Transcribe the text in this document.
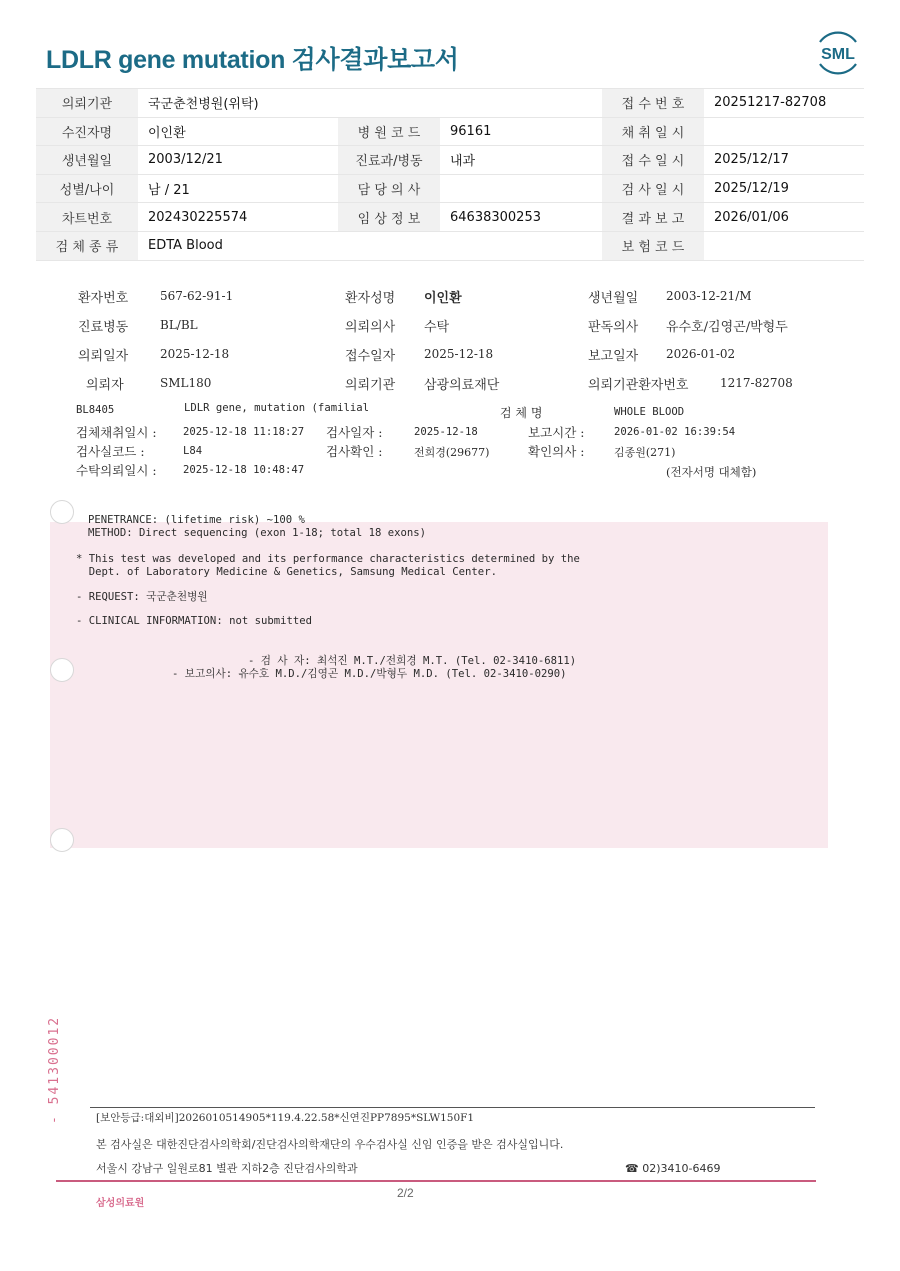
LDLR gene mutation 검사결과보고서	SML
의뢰기관	국군춘천병원(위탁)			접 수 번 호	20251217-82708
수진자명	이인환	병 원 코 드	96161	채 취 일 시	
생년월일	2003/12/21	진료과/병동	내과	접 수 일 시	2025/12/17
성별/나이	남 / 21	담 당 의 사		검 사 일 시	2025/12/19
차트번호	202430225574	임 상 정 보	64638300253	결 과 보 고	2026/01/06
검 체 종 류	EDTA Blood			보 험 코 드	
환자번호	567-62-91-1	환자성명 이인환	생년월일 2003-12-21/M
진료병동	BL/BL	의뢰의사 수탁	판독의사 유수호/김영곤/박형두
의뢰일자	2025-12-18	접수일자 2025-12-18	보고일자 2026-01-02
의뢰자	SML180	의뢰기관 삼광의료재단	의뢰기관환자번호	1217-82708
BL8405	LDLR gene, mutation (familial	검 체 명	WHOLE BLOOD
검체채취일시 : 2025-12-18 11:18:27 검사일자 :	2025-12-18	보고시간 :	2026-01-02 16:39:54
검사실코드 :	L84	검사확인 :	전희경(29677)	확인의사 :	김종원(271)
수탁의뢰일시 : 2025-12-18 10:48:47	(전자서명 대체함)
PENETRANCE: (lifetime risk) ~100 %
METHOD: Direct sequencing (exon 1-18; total 18 exons)
* This test was developed and its performance characteristics determined by the
Dept. of Laboratory Medicine & Genetics, Samsung Medical Center.
- REQUEST: 국군춘천병원
- CLINICAL INFORMATION: not submitted
- 검 사 자: 최석진 M.T./전희경 M.T. (Tel. 02-3410-6811)
- 보고의사: 유수호 M.D./김영곤 M.D./박형두 M.D. (Tel. 02-3410-0290)
- 541300012	[보안등급:대외비]2026010514905*119.4.22.58*신연진PP7895*SLW150F1
본 검사실은 대한진단검사의학회/진단검사의학재단의 우수검사실 신임 인증을 받은 검사실입니다.
서울시 강남구 일원로81 별관 지하2층 진단검사의학과	☎ 02)3410-6469
2/2
삼성의료원
